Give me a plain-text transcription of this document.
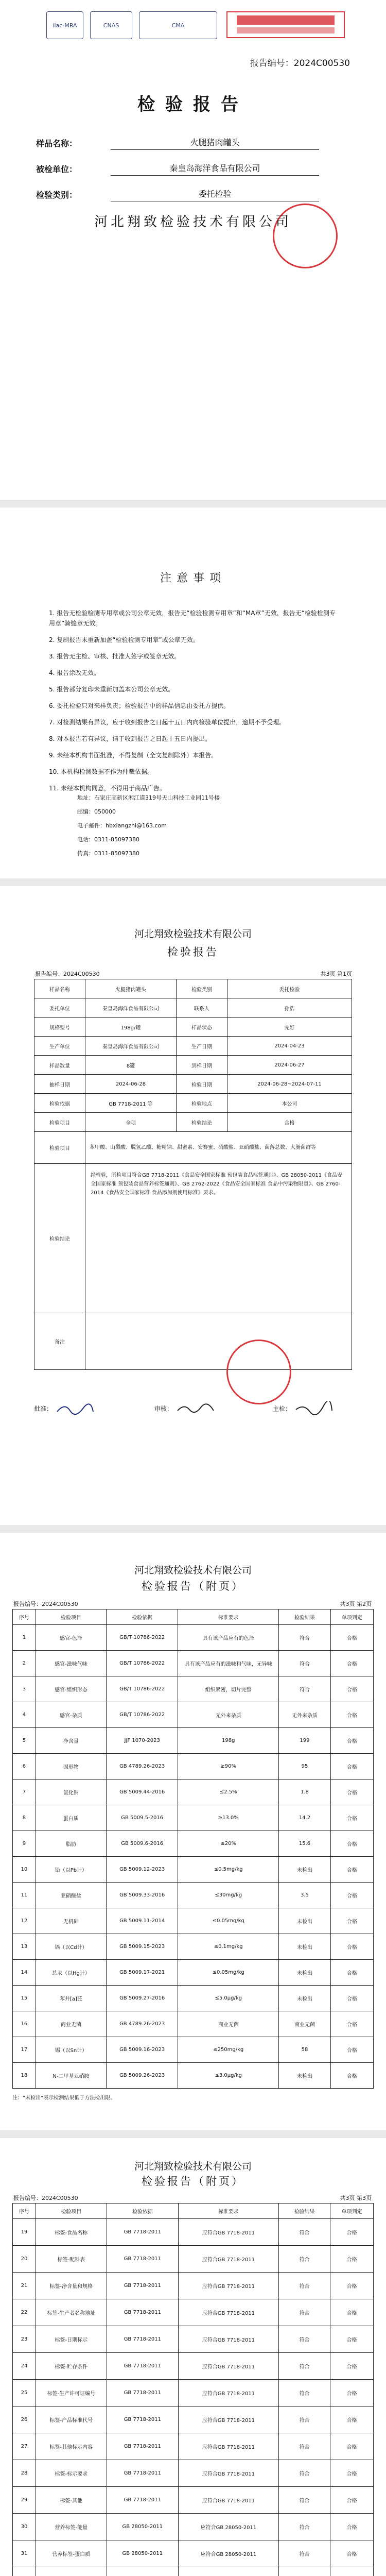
ilac-MRA	CNAS	CMA
报告编号：2024C00530
检验报告
样品名称：	火腿猪肉罐头
被检单位：	秦皇岛海洋食品有限公司
检验类别：	委托检验
河北翔致检验技术有限公司
注意事项
1. 报告无检验检测专用章或公司公章无效，报告无“检验检测专用章”和“MA章”无效，报告无“检验检测专用章”骑缝章无效。
2. 复制报告未重新加盖“检验检测专用章”或公章无效。
3. 报告无主检、审核、批准人签字或签章无效。
4. 报告涂改无效。
5. 报告部分复印未重新加盖本公司公章无效。
6. 委托检验只对来样负责；检验报告中的样品信息由委托方提供。
7. 对检测结果有异议，应于收到报告之日起十五日内向检验单位提出，逾期不予受理。
8. 对本报告若有异议，请于收到报告之日起十五日内提出。
9. 未经本机构书面批准，不得复制（全文复制除外）本报告。
10. 本机构检测数据不作为仲裁依据。
11. 未经本机构同意，不得用于商品广告。
地址：石家庄高新区湘江道319号天山科技工业园11号楼
邮编：050000
电子邮件：hbxiangzhi@163.com
电话：0311-85097380
传真：0311-85097380
河北翔致检验技术有限公司
检验报告
报告编号：2024C00530	共3页 第1页
样品名称	火腿猪肉罐头	检验类别	委托检验
委托单位	秦皇岛海洋食品有限公司	联系人	孙浩
规格型号	198g/罐	样品状态	完好
生产单位	秦皇岛海洋食品有限公司	生产日期	2024-04-23
样品数量	8罐	到样日期	2024-06-27
抽样日期	2024-06-28	检验日期	2024-06-28~2024-07-11
检验依据	GB 7718-2011 等	检验地点	本公司
检验项目	全项	检验结论	合格
检验项目	苯甲酸、山梨酸、脱氢乙酸、糖精钠、甜蜜素、安赛蜜、硝酸盐、亚硝酸盐、菌落总数、大肠菌群等		
检验结论	经检验，所检项目符合GB 7718-2011《食品安全国家标准 预包装食品标签通则》、GB 28050-2011《食品安全国家标准 预包装食品营养标签通则》、GB 2762-2022《食品安全国家标准 食品中污染物限量》、GB 2760-2014《食品安全国家标准 食品添加剂使用标准》要求。		
备注			
批准：	审核：	主检：
河北翔致检验技术有限公司
检验报告（附页）
报告编号：2024C00530	共3页 第2页
序号	检验项目	检验依据	标准要求	检验结果	单项判定
1	感官-色泽	GB/T 10786-2022	具有该产品应有的色泽	符合	合格
2	感官-滋味气味	GB/T 10786-2022	具有该产品应有的滋味和气味，无异味	符合	合格
3	感官-组织形态	GB/T 10786-2022	组织紧密，切片完整	符合	合格
4	感官-杂质	GB/T 10786-2022	无外来杂质	无外来杂质	合格
5	净含量	JJF 1070-2023	198g	199	合格
6	固形物	GB 4789.26-2023	≥90%	95	合格
7	氯化钠	GB 5009.44-2016	≤2.5%	1.8	合格
8	蛋白质	GB 5009.5-2016	≥13.0%	14.2	合格
9	脂肪	GB 5009.6-2016	≤20%	15.6	合格
10	铅（以Pb计）	GB 5009.12-2023	≤0.5mg/kg	未检出	合格
11	亚硝酸盐	GB 5009.33-2016	≤30mg/kg	3.5	合格
12	无机砷	GB 5009.11-2014	≤0.05mg/kg	未检出	合格
13	镉（以Cd计）	GB 5009.15-2023	≤0.1mg/kg	未检出	合格
14	总汞（以Hg计）	GB 5009.17-2021	≤0.05mg/kg	未检出	合格
15	苯并[a]芘	GB 5009.27-2016	≤5.0μg/kg	未检出	合格
16	商业无菌	GB 4789.26-2023	商业无菌	商业无菌	合格
17	锡（以Sn计）	GB 5009.16-2023	≤250mg/kg	58	合格
18	N-二甲基亚硝胺	GB 5009.26-2023	≤3.0μg/kg	未检出	合格
注：“未检出”表示检测结果低于方法检出限。
河北翔致检验技术有限公司
检验报告（附页）
报告编号：2024C00530	共3页 第3页
序号	检验项目	检验依据	标准要求	检验结果	单项判定
19	标签-食品名称	GB 7718-2011	应符合GB 7718-2011	符合	合格
20	标签-配料表	GB 7718-2011	应符合GB 7718-2011	符合	合格
21	标签-净含量和规格	GB 7718-2011	应符合GB 7718-2011	符合	合格
22	标签-生产者名称地址	GB 7718-2011	应符合GB 7718-2011	符合	合格
23	标签-日期标示	GB 7718-2011	应符合GB 7718-2011	符合	合格
24	标签-贮存条件	GB 7718-2011	应符合GB 7718-2011	符合	合格
25	标签-生产许可证编号	GB 7718-2011	应符合GB 7718-2011	符合	合格
26	标签-产品标准代号	GB 7718-2011	应符合GB 7718-2011	符合	合格
27	标签-其他标示内容	GB 7718-2011	应符合GB 7718-2011	符合	合格
28	标签-标示要求	GB 7718-2011	应符合GB 7718-2011	符合	合格
29	标签-其他	GB 7718-2011	应符合GB 7718-2011	符合	合格
30	营养标签-能量	GB 28050-2011	应符合GB 28050-2011	符合	合格
31	营养标签-蛋白质	GB 28050-2011	应符合GB 28050-2011	符合	合格
